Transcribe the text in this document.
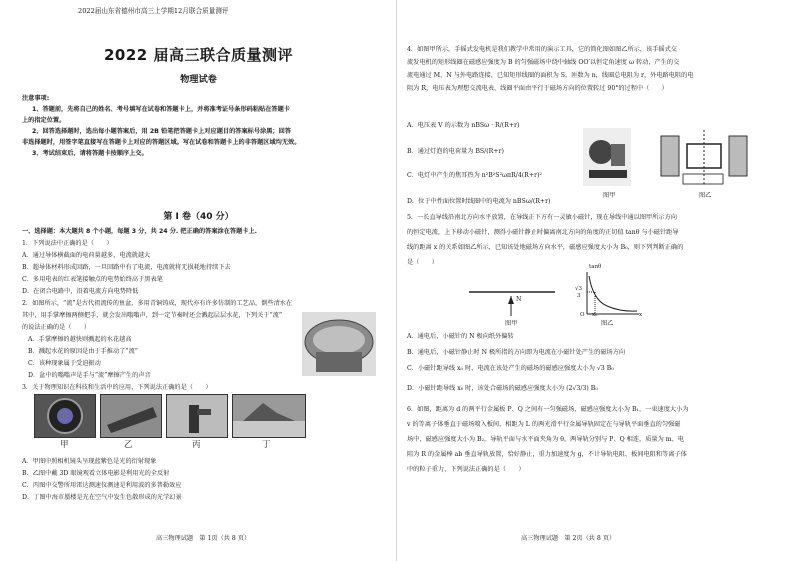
2022届山东省德州市高三上学期12月联合质量测评
2022 届高三联合质量测评
物理试卷
注意事项:
1、答题前，先将自己的姓名、考号填写在试卷和答题卡上，并将准考证号条形码粘贴在答题卡
上的指定位置。
2、回答选择题时，选出每小题答案后，用 2B 铅笔把答题卡上对应题目的答案标号涂黑；回答
非选择题时，用签字笔直接写在答题卡上对应的答题区域。写在试卷和答题卡上的非答题区域均无效。
3、考试结束后，请将答题卡按顺序上交。
第 Ⅰ 卷（40 分）
一、选择题：本大题共 8 个小题，每题 3 分，共 24 分. 把正确的答案涂在答题卡上.
1．下列说法中正确的是（　　）
A．通过导体横截面的电荷量越多，电流就越大
B．超导体材料形成回路，一旦回路中有了电流，电流就将无损耗地持续下去
C．多用电表的红表笔接触点的电势始终高于黑表笔
D．在闭合电路中，沿着电流方向电势降低
2．如图所示，“流”是古代祖流传的鱼盆，多用青铜铸成，现代亦有许多仿制的工艺品，倒些清水在
其中，用手掌摩擦两侧把手，就会发出嗡嗡声，到一定节奏时还会溅起层层水花，下列关于“流”
的说法正确的是（　　）
A．手掌摩擦的越快则溅起的水花越高
B．溅起水花的原因是由于手推动了“流”
C．该种现象属于受迫振动
D．盆中的嗡嗡声是手与“流”摩擦产生的声音
3．关于物理知识在科技和生活中的应用，下列说法正确的是（　　）
甲	乙	丙	丁
A．甲图中照相机镜头呈现蓝紫色是光的衍射现象
B．乙图中戴 3D 眼镜观看立体电影是利用光的全反射
C．丙图中交警所用雷达测速仪测速是利用波的多普勒效应
D．丁图中海市蜃楼是光在空气中发生色散形成的光学幻景
高三物理试题　第 1页（共 8 页）
4．如图甲所示，手摇式发电机是我们教学中常用的演示工具，它的简化图如图乙所示，该手摇式交
流发电机的矩形线圈在磁感应强度为 B 的匀强磁场中绕中轴线 OO′以恒定角速度 ω 转动，产生的交
流电通过 M、N 与外电路连接，已知矩形线圈的面积为 S，匝数为 n，线圈总电阻为 r，外电路电阻的电
阻为 R，电压表为理想交流电表，线圈平面由平行于磁场方向的位置转过 90°的过程中（　　）
A．电压表 V 的示数为 nBSω · R/(R+r)
B．通过灯泡的电荷量为 BS/(R+r)
C．电灯中产生的焦耳热为 n²B²S²ωπR/4(R+r)²
D．位于中性面位置时线圈中的电流为 nBSω/(R+r)
图甲	图乙
5．一长直导线沿南北方向水平放置，在导线正下方有一灵敏小磁针，现在导线中通以图甲所示方向
的恒定电流，上下移动小磁针，测得小磁针静止时偏离南北方向的角度的正切值 tanθ 与小磁针距导
线的距离 x 的关系如图乙所示，已知该处地磁场方向水平，磁感应强度大小为 B₀，则下列判断正确的
是（　　）
N
图甲
tanθ
√3
3
O x₀	x
图乙
A．通电后，小磁针的 N 极向纸外偏转
B．通电后，小磁针静止时 N 极所指的方向即为电流在小磁针处产生的磁场方向
C．小磁针距导线 x₀ 时，电流在该处产生的磁场的磁感应强度大小为 √3 B₀
D．小磁针距导线 x₀ 时，该处合磁场的磁感应强度大小为 (2√3/3) B₀
6．如图，距离为 d 的两平行金属板 P、Q 之间有一匀强磁场，磁感应强度大小为 B₁，一束速度大小为
v 的等离子体垂直于磁场喷入板间，相距为 L 的两光滑平行金属导轨固定在与导轨平面垂直的匀强磁
场中，磁感应强度大小为 B₂，导轨平面与水平面夹角为 θ，两导轨分别与 P、Q 相连，质量为 m、电
阻为 R 的金属棒 ab 垂直导轨放置，恰好静止，重力加速度为 g，不计导轨电阻、板间电阻和等离子体
中的粒子重力，下列说法正确的是（　　）
高三物理试题　第 2页（共 8 页）
